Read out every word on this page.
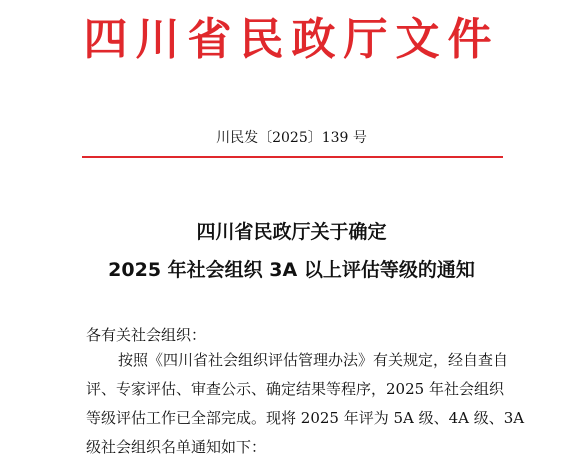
四川省民政厅文件
川民发〔2025〕139 号
四川省民政厅关于确定
2025 年社会组织 3A 以上评估等级的通知
各有关社会组织：
按照《四川省社会组织评估管理办法》有关规定，经自查自
评、专家评估、审查公示、确定结果等程序，2025 年社会组织
等级评估工作已全部完成。现将 2025 年评为 5A 级、4A 级、3A
级社会组织名单通知如下：
